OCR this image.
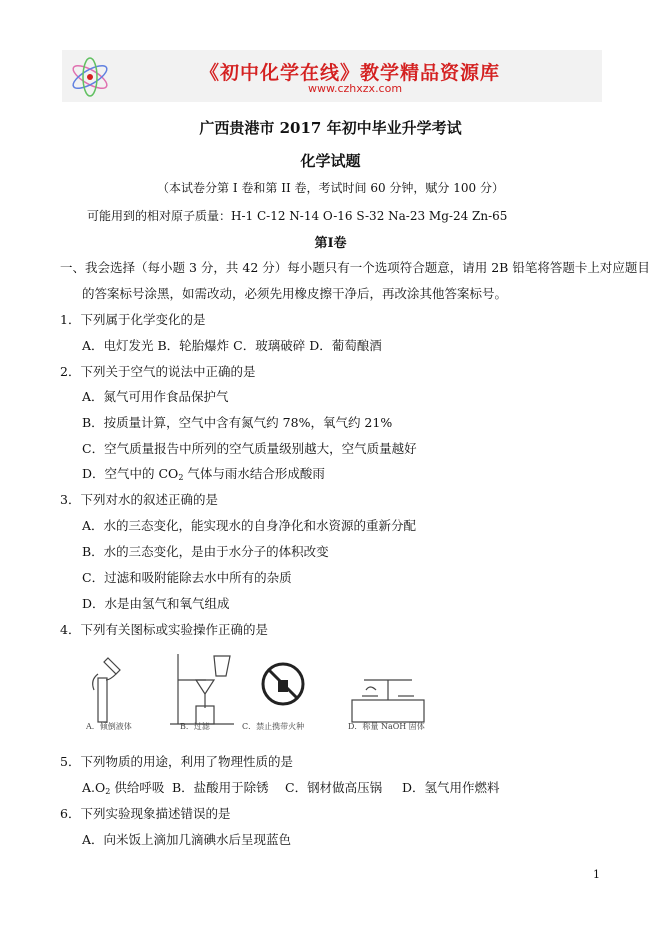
《初中化学在线》教学精品资源库
www.czhxzx.com
广西贵港市 2017 年初中毕业升学考试
化学试题
（本试卷分第 I 卷和第 II 卷，考试时间 60 分钟，赋分 100 分）
可能用到的相对原子质量：H-1 C-12 N-14 O-16 S-32 Na-23 Mg-24 Zn-65
第I卷
一、我会选择（每小题 3 分，共 42 分）每小题只有一个选项符合题意，请用 2B 铅笔将答题卡上对应题目
的答案标号涂黑，如需改动，必须先用橡皮擦干净后，再改涂其他答案标号。
1．下列属于化学变化的是
A．电灯发光 B．轮胎爆炸 C．玻璃破碎 D．葡萄酿酒
2．下列关于空气的说法中正确的是
A．氮气可用作食品保护气
B．按质量计算，空气中含有氮气约 78%，氧气约 21%
C．空气质量报告中所列的空气质量级别越大，空气质量越好
D．空气中的 $CO_2$ 气体与雨水结合形成酸雨
3．下列对水的叙述正确的是
A．水的三态变化，能实现水的自身净化和水资源的重新分配
B．水的三态变化，是由于水分子的体积改变
C．过滤和吸附能除去水中所有的杂质
D．水是由氢气和氧气组成
4．下列有关图标或实验操作正确的是
A．倾倒液体	B．过滤	C．禁止携带火种	D．称量 NaOH 固体
5．下列物质的用途，利用了物理性质的是
$A.O_2$ 供给呼吸 B．盐酸用于除锈 C．钢材做高压锅 D．氢气用作燃料
6．下列实验现象描述错误的是
A．向米饭上滴加几滴碘水后呈现蓝色
1
